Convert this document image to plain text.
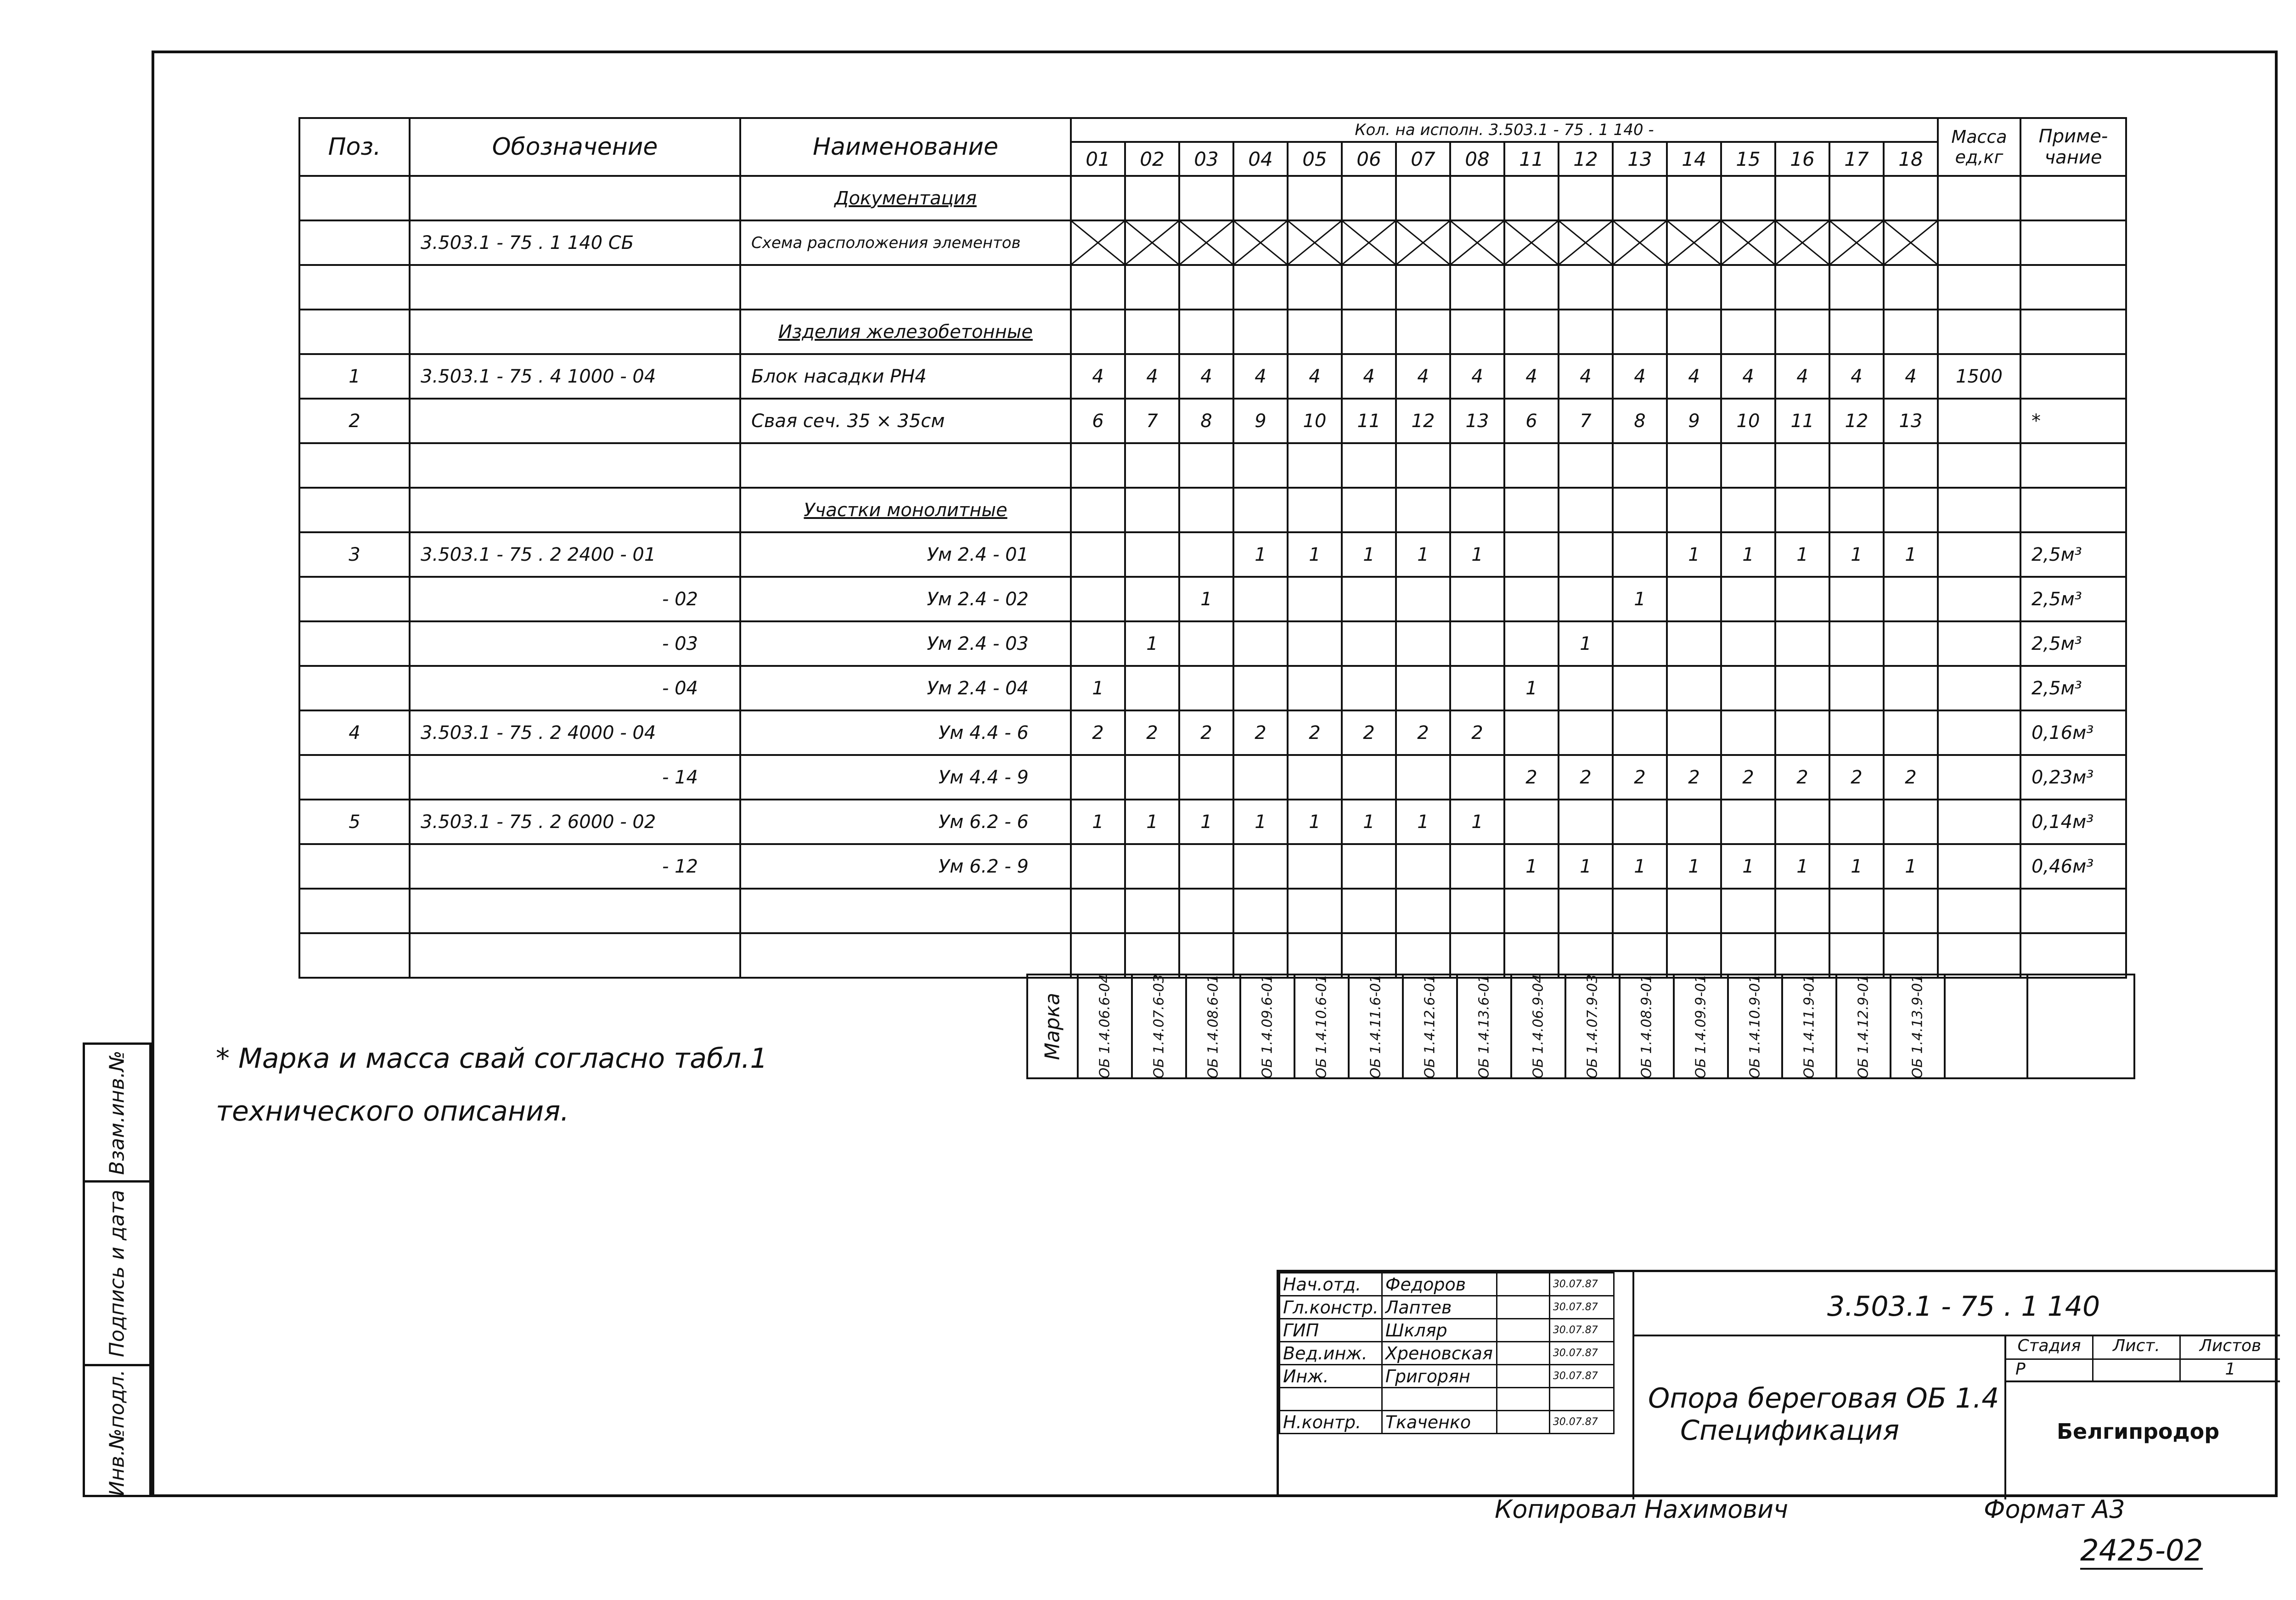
Поз.	Обозначение	Наименование	Кол. на исполн. 3.503.1 - 75 . 1 140 -																Масса ед,кг	Приме- чание
			01	02	03	04	05	06	07	08	11	12	13	14	15	16	17	18		
		Документация																		
	3.503.1 - 75 . 1 140 СБ	Схема расположения элементов	

		Изделия железобетонные																		
1	3.503.1 - 75 . 4 1000 - 04	Блок насадки РН4	4	4	4	4	4	4	4	4	4	4	4	4	4	4	4	4	1500	
2		Свая сеч. 35 × 35см	6	7	8	9	10	11	12	13	6	7	8	9	10	11	12	13		*

		Участки монолитные																		
3	3.503.1 - 75 . 2 2400 - 01	Ум 2.4 - 01				1	1	1	1	1				1	1	1	1	1		2,5м³
	- 02	Ум 2.4 - 02			1								1							2,5м³
	- 03	Ум 2.4 - 03		1								1								2,5м³
	- 04	Ум 2.4 - 04	1								1									2,5м³
4	3.503.1 - 75 . 2 4000 - 04	Ум 4.4 - 6	2	2	2	2	2	2	2	2										0,16м³
	- 14	Ум 4.4 - 9									2	2	2	2	2	2	2	2		0,23м³
5	3.503.1 - 75 . 2 6000 - 02	Ум 6.2 - 6	1	1	1	1	1	1	1	1										0,14м³
	- 12	Ум 6.2 - 9									1	1	1	1	1	1	1	1		0,46м³

Марка ОБ 1.4.06.6-04	ОБ 1.4.07.6-03	ОБ 1.4.08.6-01	ОБ 1.4.09.6-01	ОБ 1.4.10.6-01	ОБ 1.4.11.6-01	ОБ 1.4.12.6-01	ОБ 1.4.13.6-01	ОБ 1.4.06.9-04	ОБ 1.4.07.9-03	ОБ 1.4.08.9-01	ОБ 1.4.09.9-01	ОБ 1.4.10.9-01	ОБ 1.4.11.9-01	ОБ 1.4.12.9-01	ОБ 1.4.13.9-01
* Марка и масса свай согласно табл.1
технического описания.
Взам.инв.№
Подпись и дата
Инв.№подл.
Нач.отд.	Федоров		30.07.87
Гл.констр.	Лаптев		30.07.87
ГИП	Шкляр		30.07.87
Вед.инж.	Хреновская		30.07.87
Инж.	Григорян		30.07.87

Н.контр.	Ткаченко		30.07.87
3.503.1 - 75 . 1 140
Опора береговая ОБ 1.4
Спецификация
Стадия
Р
Лист.	Листов
1
Белгипродор
Копировал Нахимович	Формат А3
2425-02
